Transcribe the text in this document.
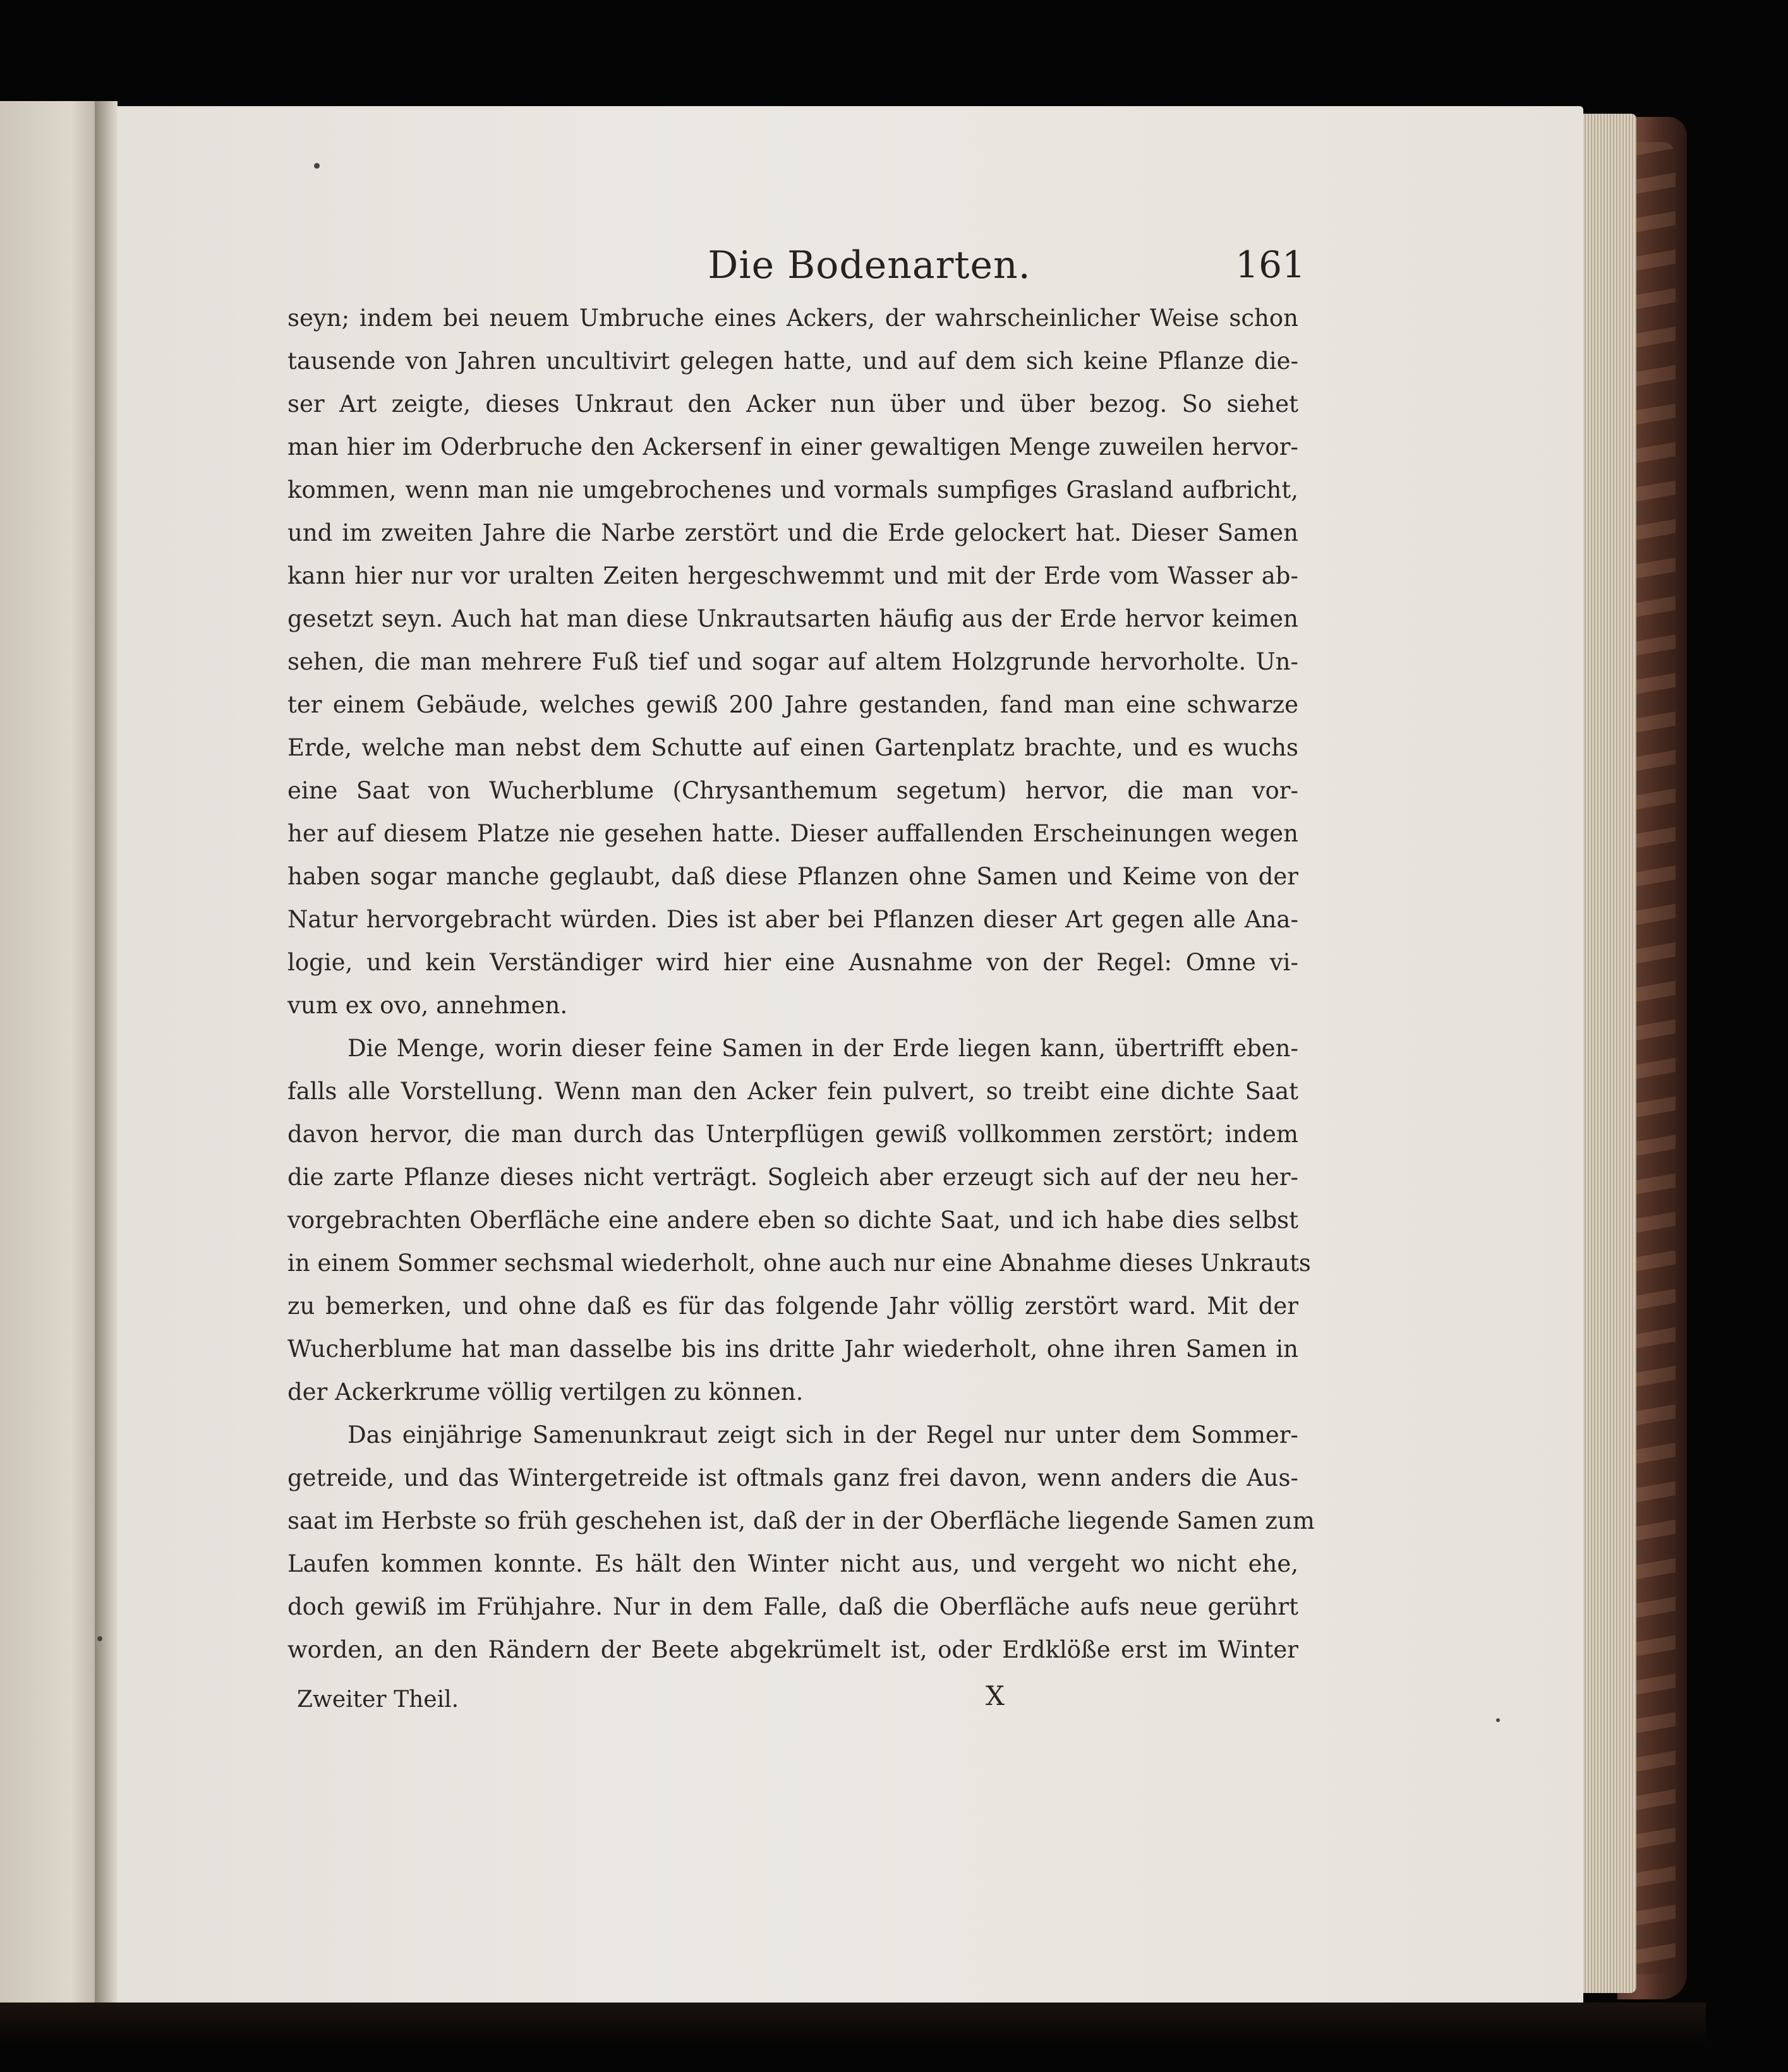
Die Bodenarten.	161
seyn; indem bei neuem Umbruche eines Ackers, der wahrscheinlicher Weise schon
tausende von Jahren uncultivirt gelegen hatte, und auf dem sich keine Pflanze die-
ser Art zeigte, dieses Unkraut den Acker nun über und über bezog. So siehet
man hier im Oderbruche den Ackersenf in einer gewaltigen Menge zuweilen hervor-
kommen, wenn man nie umgebrochenes und vormals sumpfiges Grasland aufbricht,
und im zweiten Jahre die Narbe zerstört und die Erde gelockert hat. Dieser Samen
kann hier nur vor uralten Zeiten hergeschwemmt und mit der Erde vom Wasser ab-
gesetzt seyn. Auch hat man diese Unkrautsarten häufig aus der Erde hervor keimen
sehen, die man mehrere Fuß tief und sogar auf altem Holzgrunde hervorholte. Un-
ter einem Gebäude, welches gewiß 200 Jahre gestanden, fand man eine schwarze
Erde, welche man nebst dem Schutte auf einen Gartenplatz brachte, und es wuchs
eine Saat von Wucherblume (Chrysanthemum segetum) hervor, die man vor-
her auf diesem Platze nie gesehen hatte. Dieser auffallenden Erscheinungen wegen
haben sogar manche geglaubt, daß diese Pflanzen ohne Samen und Keime von der
Natur hervorgebracht würden. Dies ist aber bei Pflanzen dieser Art gegen alle Ana-
logie, und kein Verständiger wird hier eine Ausnahme von der Regel: Omne vi-
vum ex ovo, annehmen.
Die Menge, worin dieser feine Samen in der Erde liegen kann, übertrifft eben-
falls alle Vorstellung. Wenn man den Acker fein pulvert, so treibt eine dichte Saat
davon hervor, die man durch das Unterpflügen gewiß vollkommen zerstört; indem
die zarte Pflanze dieses nicht verträgt. Sogleich aber erzeugt sich auf der neu her-
vorgebrachten Oberfläche eine andere eben so dichte Saat, und ich habe dies selbst
in einem Sommer sechsmal wiederholt, ohne auch nur eine Abnahme dieses Unkrauts
zu bemerken, und ohne daß es für das folgende Jahr völlig zerstört ward. Mit der
Wucherblume hat man dasselbe bis ins dritte Jahr wiederholt, ohne ihren Samen in
der Ackerkrume völlig vertilgen zu können.
Das einjährige Samenunkraut zeigt sich in der Regel nur unter dem Sommer-
getreide, und das Wintergetreide ist oftmals ganz frei davon, wenn anders die Aus-
saat im Herbste so früh geschehen ist, daß der in der Oberfläche liegende Samen zum
Laufen kommen konnte. Es hält den Winter nicht aus, und vergeht wo nicht ehe,
doch gewiß im Frühjahre. Nur in dem Falle, daß die Oberfläche aufs neue gerührt
worden, an den Rändern der Beete abgekrümelt ist, oder Erdklöße erst im Winter
Zweiter Theil.	X
